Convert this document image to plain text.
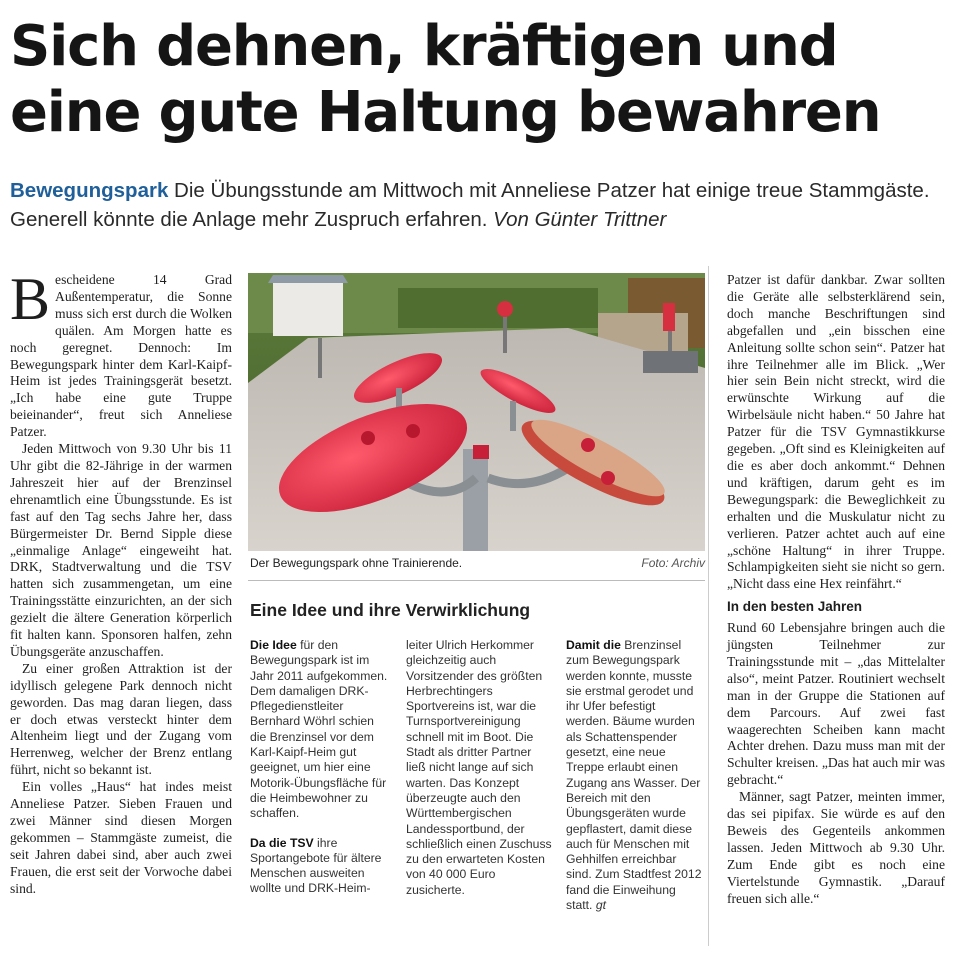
Sich dehnen, kräftigen und eine gute Haltung bewahren
Bewegungspark Die Übungsstunde am Mittwoch mit Anneliese Patzer hat einige treue Stammgäste. Generell könnte die Anlage mehr Zuspruch erfahren. Von Günter Trittner

Bescheidene 14 Grad Außentemperatur, die Sonne muss sich erst durch die Wolken quälen. Am Morgen hatte es noch geregnet. Dennoch: Im Bewegungspark hinter dem Karl-Kaipf-Heim ist jedes Trainingsgerät besetzt. „Ich habe eine gute Truppe beieinander“, freut sich Anneliese Patzer.

Jeden Mittwoch von 9.30 Uhr bis 11 Uhr gibt die 82-Jährige in der warmen Jahreszeit hier auf der Brenzinsel ehrenamtlich eine Übungsstunde. Es ist fast auf den Tag sechs Jahre her, dass Bürgermeister Dr. Bernd Sipple diese „einmalige Anlage“ eingeweiht hat. DRK, Stadtverwaltung und die TSV hatten sich zusammengetan, um eine Trainingsstätte einzurichten, an der sich gezielt die ältere Generation körperlich fit halten kann. Sponsoren halfen, zehn Übungsgeräte anzuschaffen.

Zu einer großen Attraktion ist der idyllisch gelegene Park dennoch nicht geworden. Das mag daran liegen, dass er doch etwas versteckt hinter dem Altenheim liegt und der Zugang vom Herrenweg, welcher der Brenz entlang führt, nicht so bekannt ist.

Ein volles „Haus“ hat indes meist Anneliese Patzer. Sieben Frauen und zwei Männer sind diesen Morgen gekommen – Stammgäste zumeist, die seit Jahren dabei sind, aber auch zwei Frauen, die erst seit der Vorwoche dabei sind.

Der Bewegungspark ohne Trainierende.	Foto: Archiv
Eine Idee und ihre Verwirklichung

Die Idee für den Bewegungspark ist im Jahr 2011 aufgekommen. Dem damaligen DRK-Pflegedienstleiter Bernhard Wöhrl schien die Brenzinsel vor dem Karl-Kaipf-Heim gut geeignet, um hier eine Motorik-Übungsfläche für die Heimbewohner zu schaffen.

Da die TSV ihre Sportangebote für ältere Menschen ausweiten wollte und DRK-Heim-

leiter Ulrich Herkommer gleichzeitig auch Vorsitzender des größten Herbrechtingers Sportvereins ist, war die Turnsportvereinigung schnell mit im Boot. Die Stadt als dritter Partner ließ nicht lange auf sich warten. Das Konzept überzeugte auch den Württembergischen Landessportbund, der schließlich einen Zuschuss zu den erwarteten Kosten von 40 000 Euro zusicherte.

Damit die Brenzinsel zum Bewegungspark werden konnte, musste sie erstmal gerodet und ihr Ufer befestigt werden. Bäume wurden als Schattenspender gesetzt, eine neue Treppe erlaubt einen Zugang ans Wasser. Der Bereich mit den Übungsgeräten wurde gepflastert, damit diese auch für Menschen mit Gehhilfen erreichbar sind. Zum Stadtfest 2012 fand die Einweihung statt. gt

Patzer ist dafür dankbar. Zwar sollten die Geräte alle selbsterklärend sein, doch manche Beschriftungen sind abgefallen und „ein bisschen eine Anleitung sollte schon sein“. Patzer hat ihre Teilnehmer alle im Blick. „Wer hier sein Bein nicht streckt, wird die erwünschte Wirkung auf die Wirbelsäule nicht haben.“ 50 Jahre hat Patzer für die TSV Gymnastikkurse gegeben. „Oft sind es Kleinigkeiten auf die es aber doch ankommt.“ Dehnen und kräftigen, darum geht es im Bewegungspark: die Beweglichkeit zu erhalten und die Muskulatur nicht zu verlieren. Patzer achtet auch auf eine „schöne Haltung“ in ihrer Truppe. Schlampigkeiten sieht sie nicht so gern. „Nicht dass eine Hex reinfährt.“

In den besten Jahren

Rund 60 Lebensjahre bringen auch die jüngsten Teilnehmer zur Trainingsstunde mit – „das Mittelalter also“, meint Patzer. Routiniert wechselt man in der Gruppe die Stationen auf dem Parcours. Auf zwei fast waagerechten Scheiben kann macht Achter drehen. Dazu muss man mit der Schulter kreisen. „Das hat auch mir was gebracht.“

Männer, sagt Patzer, meinten immer, das sei pipifax. Sie würde es auf den Beweis des Gegenteils ankommen lassen. Jeden Mittwoch ab 9.30 Uhr. Zum Ende gibt es noch eine Viertelstunde Gymnastik. „Darauf freuen sich alle.“
